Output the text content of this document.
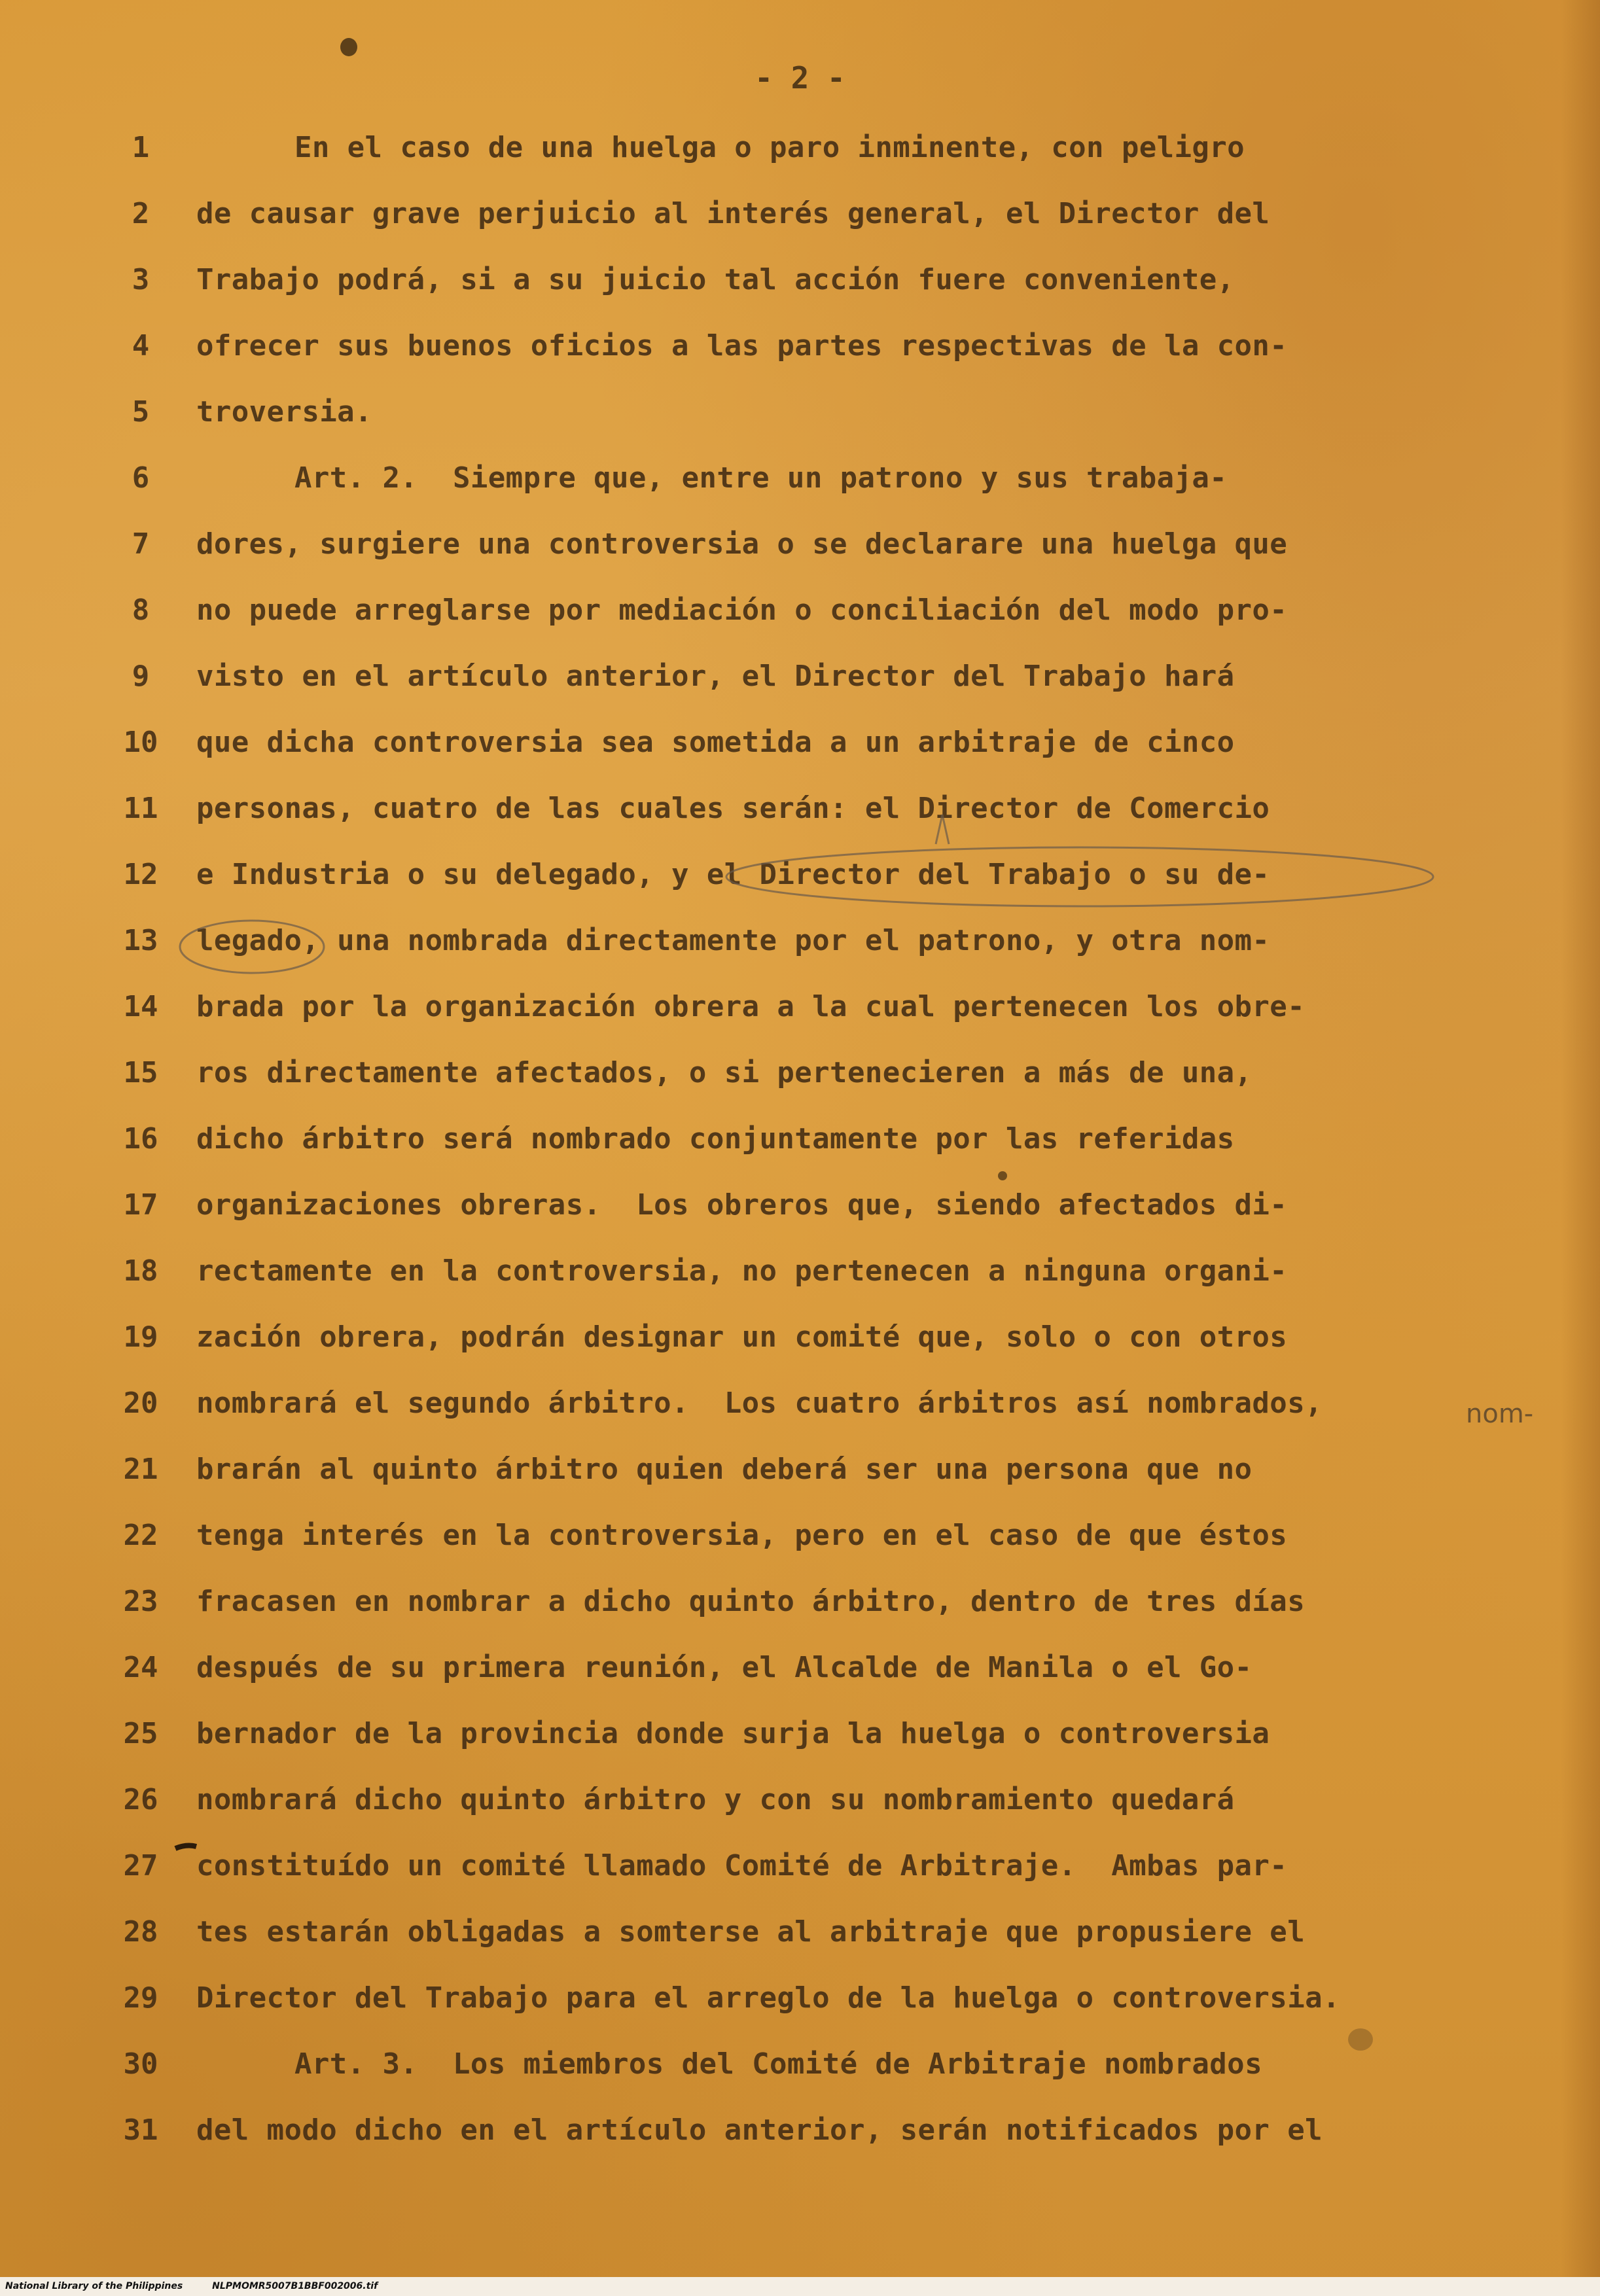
- 2 -
1	En el caso de una huelga o paro inminente, con peligro
2	de causar grave perjuicio al interés general, el Director del
3	Trabajo podrá, si a su juicio tal acción fuere conveniente,
4	ofrecer sus buenos oficios a las partes respectivas de la con-
5	troversia.
6	Art. 2.  Siempre que, entre un patrono y sus trabaja-
7	dores, surgiere una controversia o se declarare una huelga que
8	no puede arreglarse por mediación o conciliación del modo pro-
9	visto en el artículo anterior, el Director del Trabajo hará
10	que dicha controversia sea sometida a un arbitraje de cinco
11	personas, cuatro de las cuales serán: el Director de Comercio
12	e Industria o su delegado, y el Director del Trabajo o su de-
13	legado, una nombrada directamente por el patrono, y otra nom-
14	brada por la organización obrera a la cual pertenecen los obre-
15	ros directamente afectados, o si pertenecieren a más de una,
16	dicho árbitro será nombrado conjuntamente por las referidas
17	organizaciones obreras.  Los obreros que, siendo afectados di-
18	rectamente en la controversia, no pertenecen a ninguna organi-
19	zación obrera, podrán designar un comité que, solo o con otros
20	nombrará el segundo árbitro.  Los cuatro árbitros así nombrados,
21	brarán al quinto árbitro quien deberá ser una persona que no
22	tenga interés en la controversia, pero en el caso de que éstos
23	fracasen en nombrar a dicho quinto árbitro, dentro de tres días
24	después de su primera reunión, el Alcalde de Manila o el Go-
25	bernador de la provincia donde surja la huelga o controversia
26	nombrará dicho quinto árbitro y con su nombramiento quedará
27	constituído un comité llamado Comité de Arbitraje.  Ambas par-
28	tes estarán obligadas a somterse al arbitraje que propusiere el
29	Director del Trabajo para el arreglo de la huelga o controversia.
30	Art. 3.  Los miembros del Comité de Arbitraje nombrados
31	del modo dicho en el artículo anterior, serán notificados por el
nom-
National Library of the Philippines	NLPMOMR5007B1BBF002006.tif
